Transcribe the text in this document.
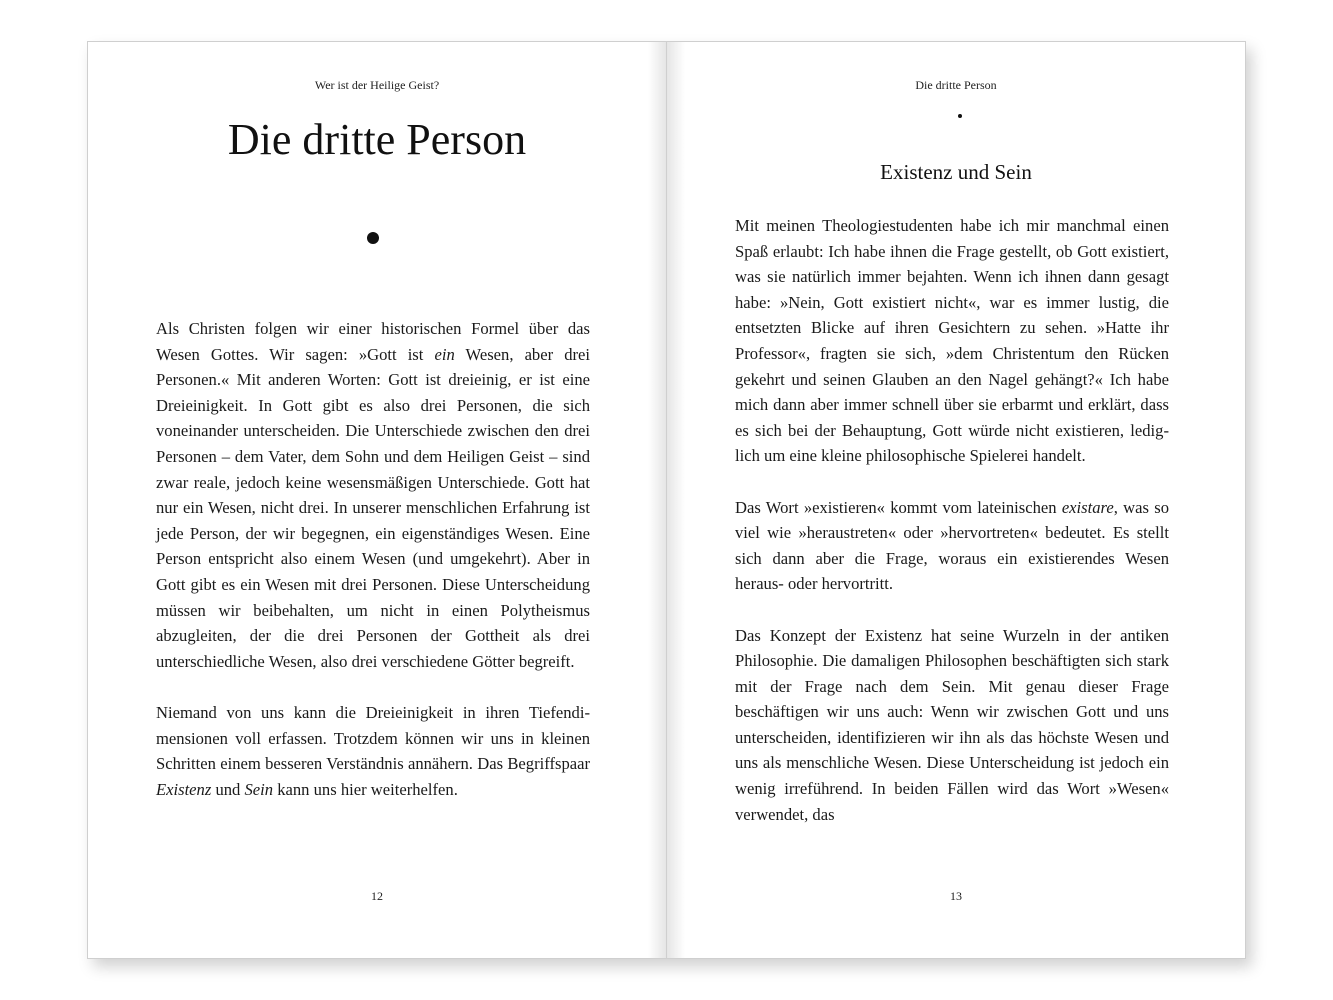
Wer ist der Heilige Geist?
Die dritte Person

Als Christen folgen wir einer historischen Formel über das Wesen Gottes. Wir sagen: »Gott ist ein Wesen, aber drei Personen.« Mit anderen Worten: Gott ist dreieinig, er ist eine Dreieinigkeit. In Gott gibt es also drei Personen, die sich voneinander unterscheiden. Die Unterschiede zwischen den drei Personen – dem Vater, dem Sohn und dem Heiligen Geist – sind zwar reale, jedoch keine wesensmäßigen Unterschiede. Gott hat nur ein Wesen, nicht drei. In unserer menschlichen Erfahrung ist jede Person, der wir begegnen, ein eigenständiges Wesen. Eine Person entspricht also einem Wesen (und umgekehrt). Aber in Gott gibt es ein Wesen mit drei Personen. Diese Unterscheidung müssen wir beibehalten, um nicht in einen Polytheismus abzugleiten, der die drei Personen der Gottheit als drei unterschiedliche Wesen, also drei verschiedene Götter begreift.

Niemand von uns kann die Dreieinigkeit in ihren Tiefendimensionen voll erfassen. Trotzdem können wir uns in kleinen Schritten einem besseren Verständnis annähern. Das Begriffspaar Existenz und Sein kann uns hier weiterhelfen.

12
Die dritte Person
Existenz und Sein

Mit meinen Theologiestudenten habe ich mir manchmal einen Spaß erlaubt: Ich habe ihnen die Frage gestellt, ob Gott existiert, was sie natürlich immer bejahten. Wenn ich ihnen dann gesagt habe: »Nein, Gott existiert nicht«, war es immer lustig, die entsetzten Blicke auf ihren Gesichtern zu sehen. »Hatte ihr Professor«, fragten sie sich, »dem Christentum den Rücken gekehrt und seinen Glauben an den Nagel gehängt?« Ich habe mich dann aber immer schnell über sie erbarmt und erklärt, dass es sich bei der Behauptung, Gott würde nicht existieren, lediglich um eine kleine philosophische Spielerei handelt.

Das Wort »existieren« kommt vom lateinischen existare, was so viel wie »heraustreten« oder »hervortreten« bedeutet. Es stellt sich dann aber die Frage, woraus ein existierendes Wesen heraus- oder hervortritt.

Das Konzept der Existenz hat seine Wurzeln in der antiken Philosophie. Die damaligen Philosophen beschäftigten sich stark mit der Frage nach dem Sein. Mit genau dieser Frage beschäftigen wir uns auch: Wenn wir zwischen Gott und uns unterscheiden, identifizieren wir ihn als das höchste Wesen und uns als menschliche Wesen. Diese Unterscheidung ist jedoch ein wenig irreführend. In beiden Fällen wird das Wort »Wesen« verwendet, das

13
